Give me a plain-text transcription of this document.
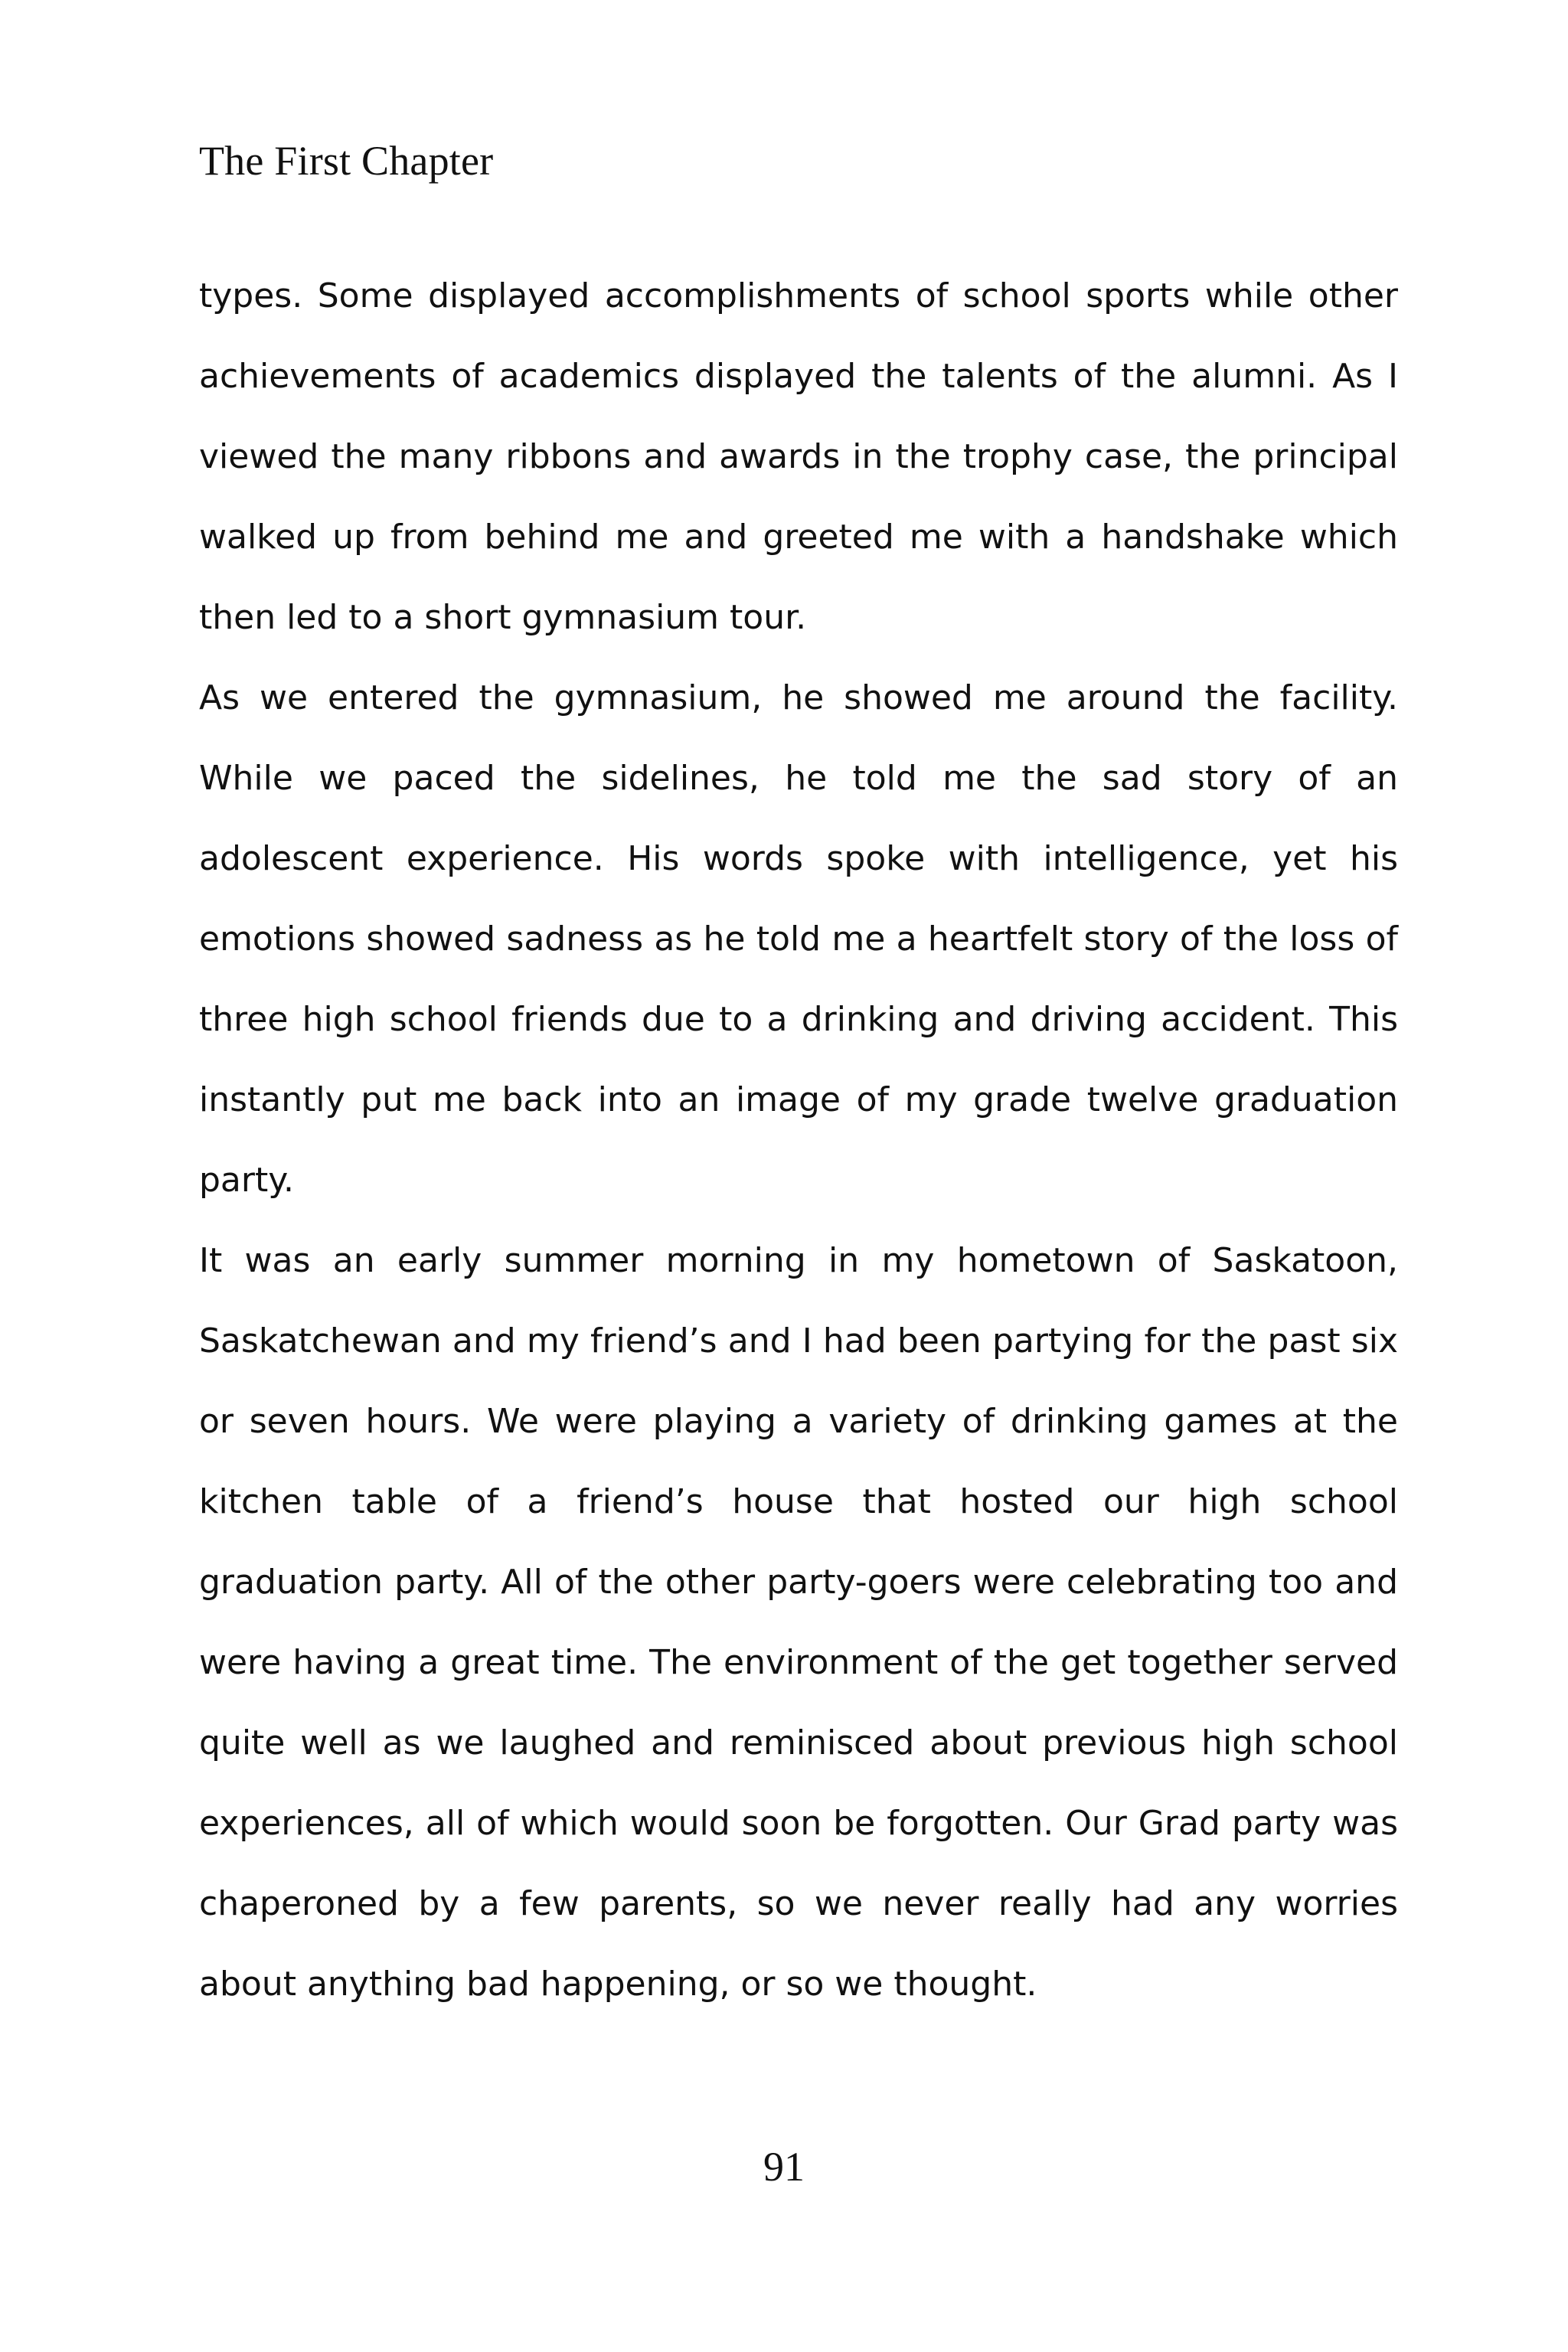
The First Chapter

types. Some displayed accomplishments of school sports while other achievements of academics displayed the talents of the alumni. As I viewed the many ribbons and awards in the trophy case, the principal walked up from behind me and greeted me with a handshake which then led to a short gymnasium tour.

As we entered the gymnasium, he showed me around the facility. While we paced the sidelines, he told me the sad story of an adolescent experience. His words spoke with intelligence, yet his emotions showed sadness as he told me a heartfelt story of the loss of three high school friends due to a drinking and driving accident. This instantly put me back into an image of my grade twelve graduation party.

It was an early summer morning in my hometown of Saskatoon, Saskatchewan and my friend’s and I had been partying for the past six or seven hours. We were playing a variety of drinking games at the kitchen table of a friend’s house that hosted our high school graduation party. All of the other party-goers were celebrating too and were having a great time. The environment of the get together served quite well as we laughed and reminisced about previous high school experiences, all of which would soon be forgotten. Our Grad party was chaperoned by a few parents, so we never really had any worries about anything bad happening, or so we thought.

91
